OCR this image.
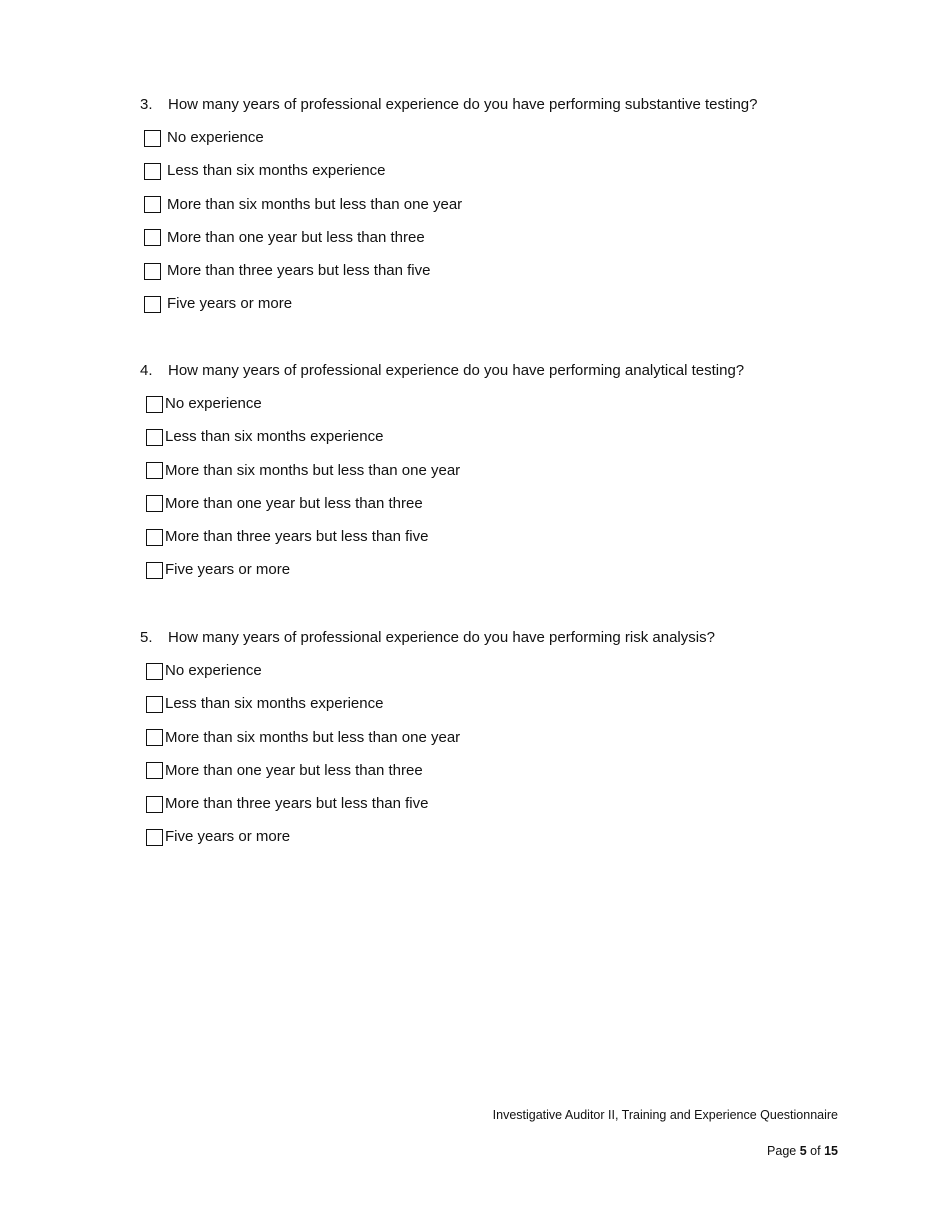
3.	How many years of professional experience do you have performing substantive testing?
No experience
Less than six months experience
More than six months but less than one year
More than one year but less than three
More than three years but less than five
Five years or more
4.	How many years of professional experience do you have performing analytical testing?
No experience
Less than six months experience
More than six months but less than one year
More than one year but less than three
More than three years but less than five
Five years or more
5.	How many years of professional experience do you have performing risk analysis?
No experience
Less than six months experience
More than six months but less than one year
More than one year but less than three
More than three years but less than five
Five years or more
Investigative Auditor II, Training and Experience Questionnaire
Page 5 of 15
